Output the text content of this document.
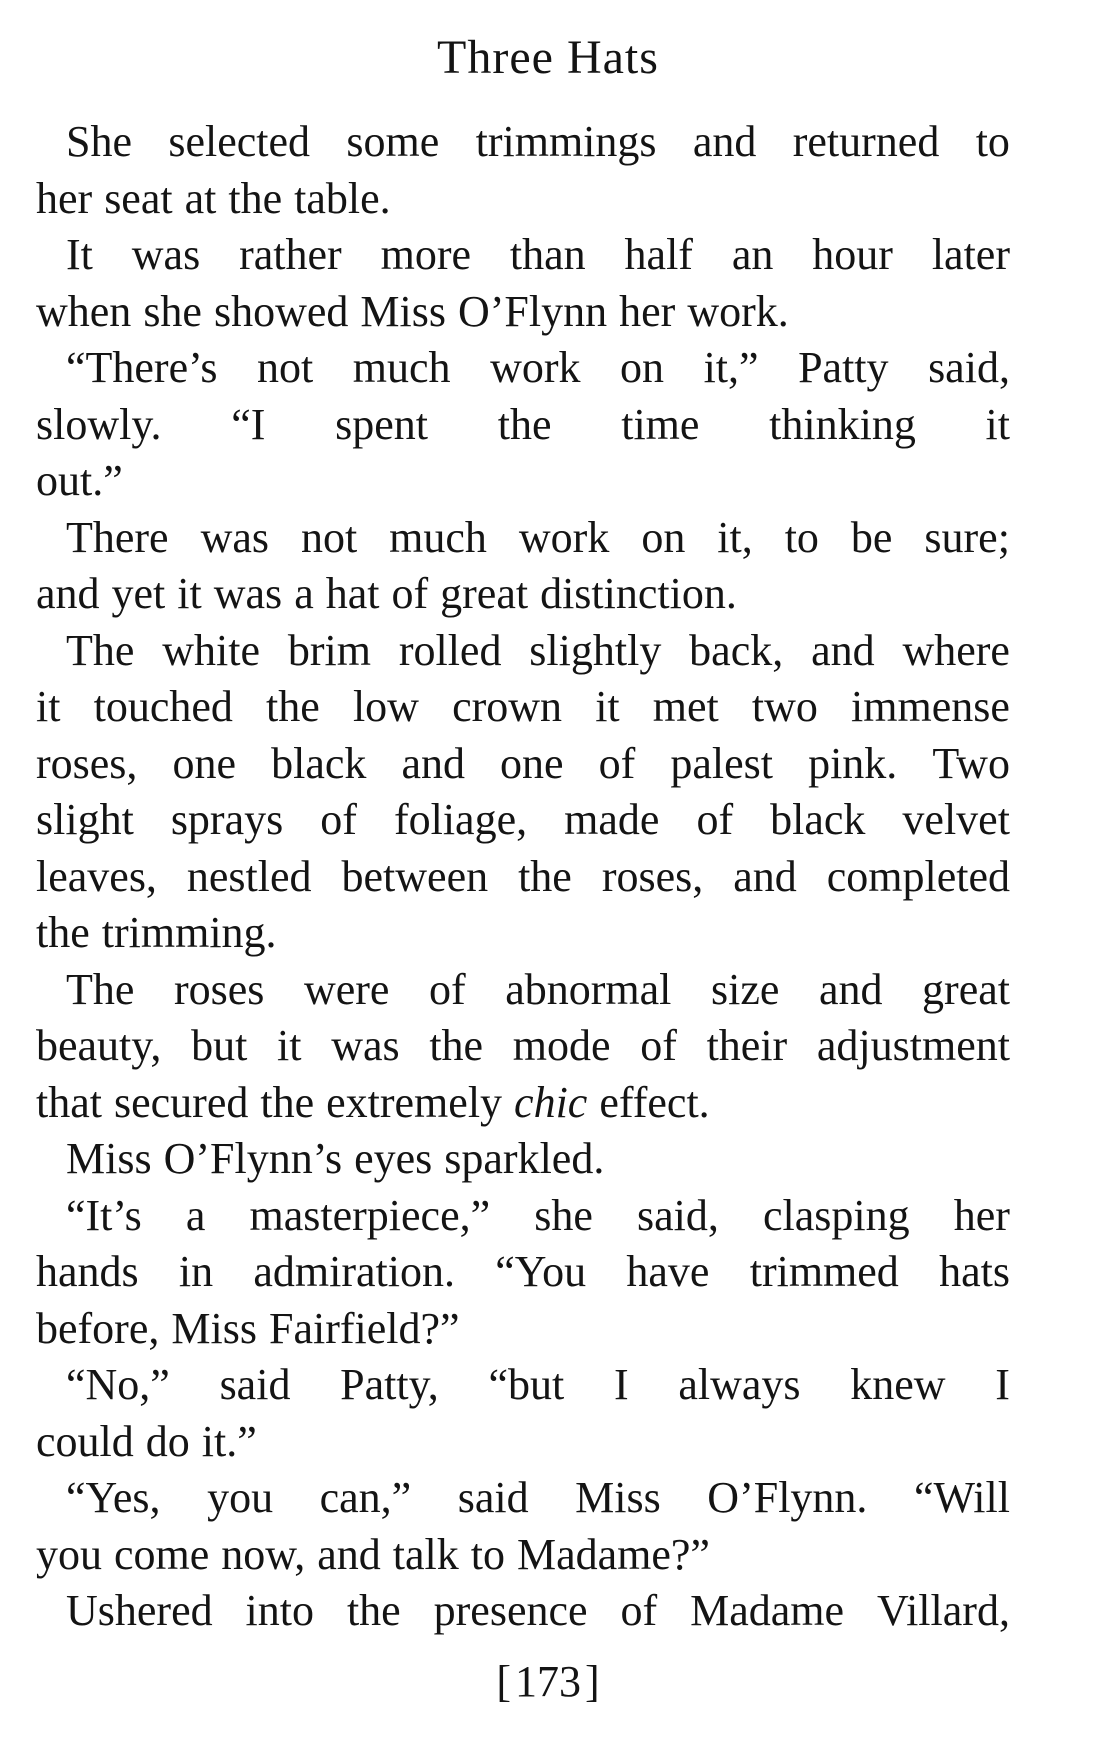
Three Hats
She selected some trimmings and returned to
her seat at the table.
It was rather more than half an hour later
when she showed Miss O’Flynn her work.
“There’s not much work on it,” Patty said,
slowly. “I spent the time thinking it
out.”
There was not much work on it, to be sure;
and yet it was a hat of great distinction.
The white brim rolled slightly back, and where
it touched the low crown it met two immense
roses, one black and one of palest pink. Two
slight sprays of foliage, made of black velvet
leaves, nestled between the roses, and completed
the trimming.
The roses were of abnormal size and great
beauty, but it was the mode of their adjustment
that secured the extremely chic effect.
Miss O’Flynn’s eyes sparkled.
“It’s a masterpiece,” she said, clasping her
hands in admiration. “You have trimmed hats
before, Miss Fairfield?”
“No,” said Patty, “but I always knew I
could do it.”
“Yes, you can,” said Miss O’Flynn. “Will
you come now, and talk to Madame?”
Ushered into the presence of Madame Villard,
[173]
